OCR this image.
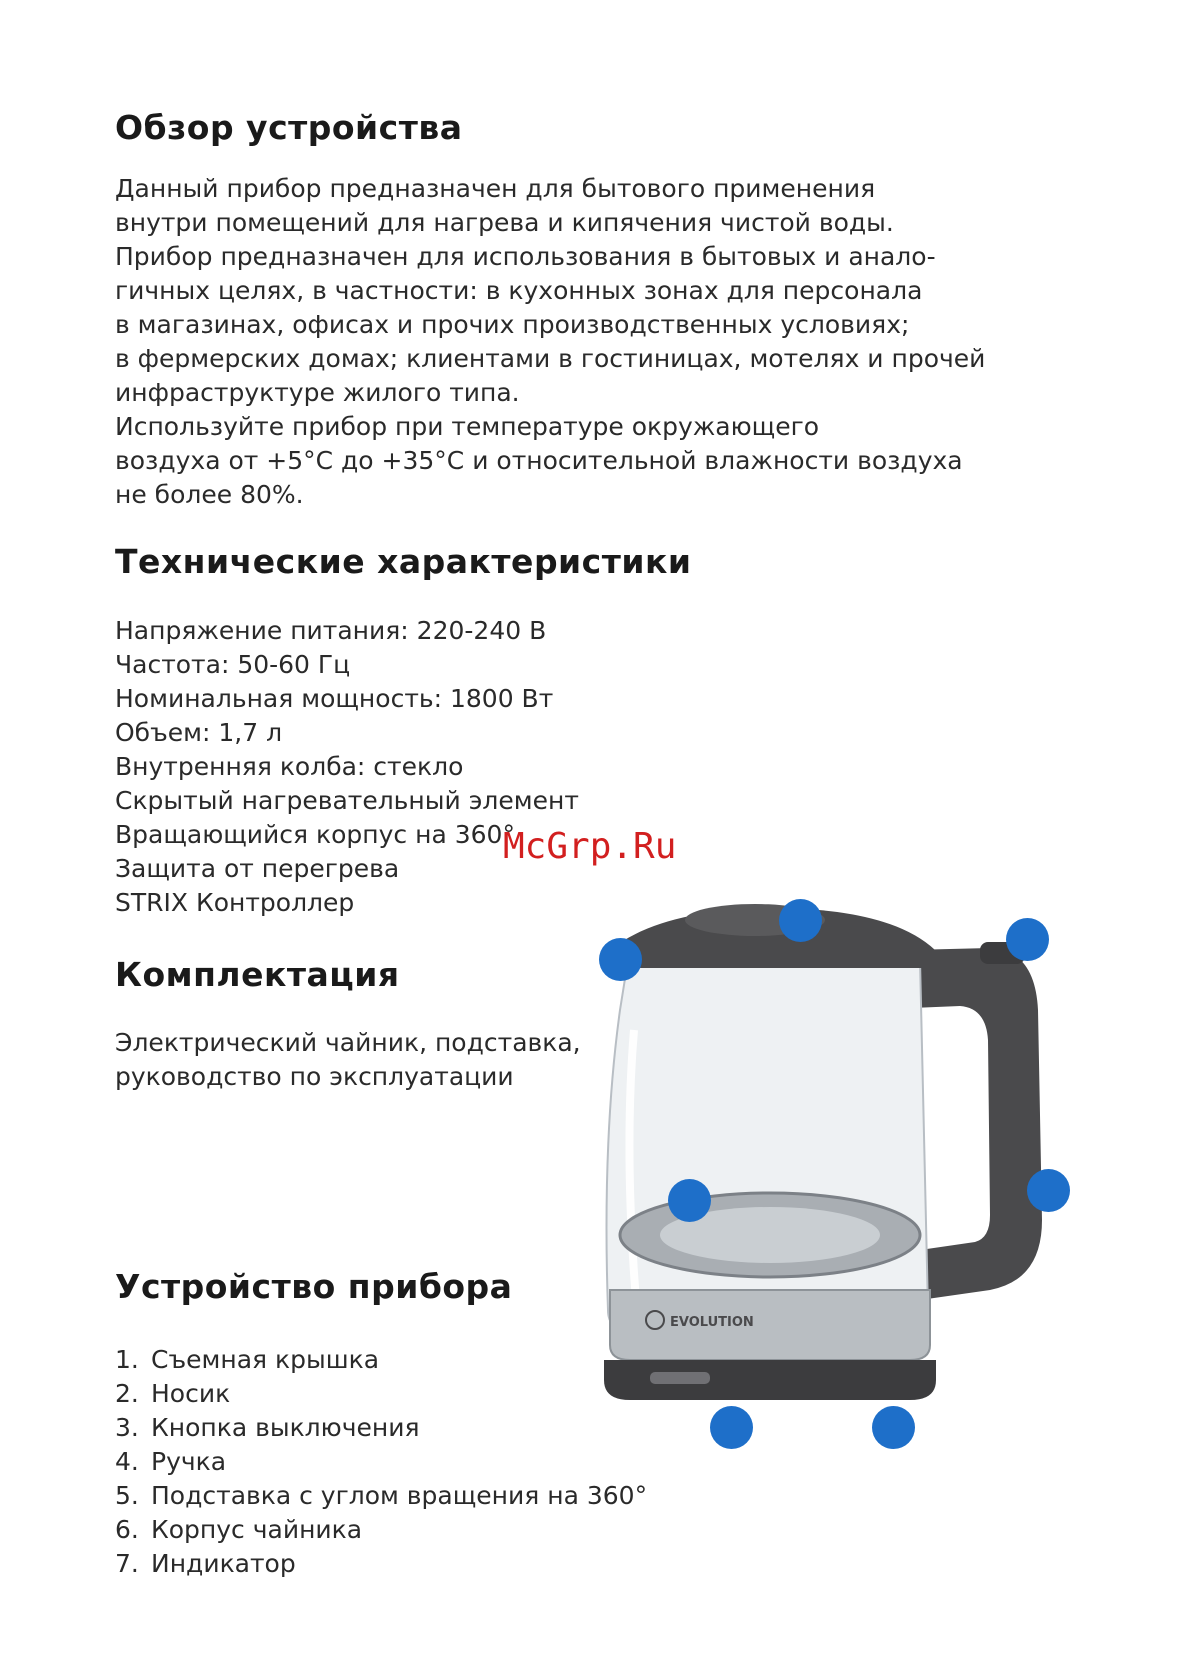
Обзор устройства
Данный прибор предназначен для бытового применения
внутри помещений для нагрева и кипячения чистой воды.
Прибор предназначен для использования в бытовых и анало-
гичных целях, в частности: в кухонных зонах для персонала
в магазинах, офисах и прочих производственных условиях;
в фермерских домах; клиентами в гостиницах, мотелях и прочей
инфраструктуре жилого типа.
Используйте прибор при температуре окружающего
воздуха от +5°C до +35°C и относительной влажности воздуха
не более 80%.
Технические характеристики
Напряжение питания: 220-240 В
Частота: 50-60 Гц
Номинальная мощность: 1800 Вт
Объем: 1,7 л
Внутренняя колба: стекло
Скрытый нагревательный элемент
Вращающийся корпус на 360°
Защита от перегрева
STRIX Контроллер
McGrp.Ru
Комплектация
Электрический чайник, подставка,
руководство по эксплуатации
Устройство прибора
1. Съемная крышка
2. Носик
3. Кнопка выключения
4. Ручка
5. Подставка с углом вращения на 360°
6. Корпус чайника
7. Индикатор
EVOLUTION
